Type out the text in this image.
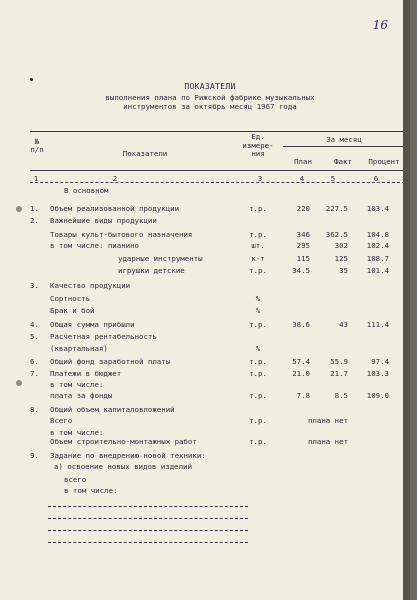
16
ПОКАЗАТЕЛИ
выполнения плана по Рижской фабрике музыкальных
инструментов за октябрь месяц 1967 года
№
п/п	Показатели
Ед.
измере-
ния
За месяц
План	Факт	Процент
1	2	3	4	5	6
В основном
1.	Объем реализованной продукции	т.р.	220	227.5	103.4
2.	Важнейшие виды продукции
Товары культ-бытового назначения	т.р.	346	362.5	104.8
в том числе: пианино	шт.	295	302	102.4
ударные инструменты	к-т	115	125	108.7
игрушки детские	т.р.	34.5	35	101.4
3.	Качество продукции
Сортность	%
Брак и бой	%
4.	Общая сумма прибыли	т.р.	38.6	43	111.4
5.	Расчетная рентабельность
(квартальная)	%
6.	Общий фонд заработной платы	т.р.	57.4	55.9	97.4
7.	Платежи в бюджет	т.р.	21.0	21.7	103.3
в том числе:
плата за фонды	т.р.	7.8	8.5	109.0
8.	Общий объем капиталовложений
Всего	т.р.	плана нет
в том числе:
Объем строительно-монтажных работ	т.р.	плана нет
9.	Задание по внедрению новой техники:
а) освоение новых видов изделий
всего
в том числе:
